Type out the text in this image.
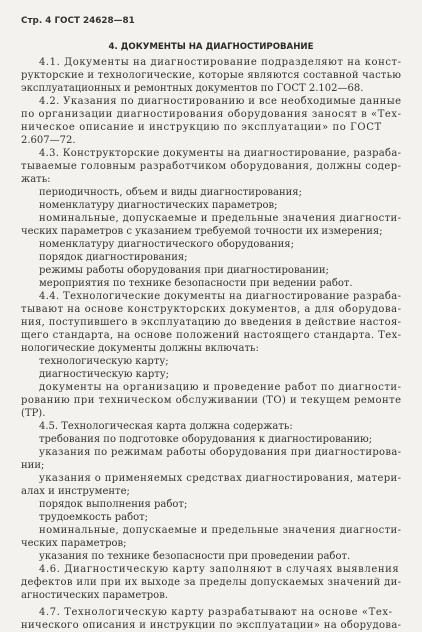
Стр. 4 ГОСТ 24628—81
4. ДОКУМЕНТЫ НА ДИАГНОСТИРОВАНИЕ
4.1. Документы на диагностирование подразделяют на конст-
рукторские и технологические, которые являются составной частью
эксплуатационных и ремонтных документов по ГОСТ 2.102—68.
4.2. Указания по диагностированию и все необходимые данные
по организации диагностирования оборудования заносят в «Тех-
ническое описание и инструкцию по эксплуатации» по ГОСТ
2.607—72.
4.3. Конструкторские документы на диагностирование, разраба-
тываемые головным разработчиком оборудования, должны содер-
жать:
периодичность, объем и виды диагностирования;
номенклатуру диагностических параметров;
номинальные, допускаемые и предельные значения диагности-
ческих параметров с указанием требуемой точности их измерения;
номенклатуру диагностического оборудования;
порядок диагностирования;
режимы работы оборудования при диагностировании;
мероприятия по технике безопасности при ведении работ.
4.4. Технологические документы на диагностирование разраба-
тывают на основе конструкторских документов, а для оборудова-
ния, поступившего в эксплуатацию до введения в действие настоя-
щего стандарта, на основе положений настоящего стандарта. Тех-
нологические документы должны включать:
технологическую карту;
диагностическую карту;
документы на организацию и проведение работ по диагности-
рованию при техническом обслуживании (ТО) и текущем ремонте
(ТР).
4.5. Технологическая карта должна содержать:
требования по подготовке оборудования к диагностированию;
указания по режимам работы оборудования при диагностирова-
нии;
указания о применяемых средствах диагностирования, матери-
алах и инструменте;
порядок выполнения работ;
трудоемкость работ;
номинальные, допускаемые и предельные значения диагности-
ческих параметров;
указания по технике безопасности при проведении работ.
4.6. Диагностическую карту заполняют в случаях выявления
дефектов или при их выходе за пределы допускаемых значений ди-
агностических параметров.
4.7. Технологическую карту разрабатывают на основе «Тех-
нического описания и инструкции по эксплуатации» на оборудова-
